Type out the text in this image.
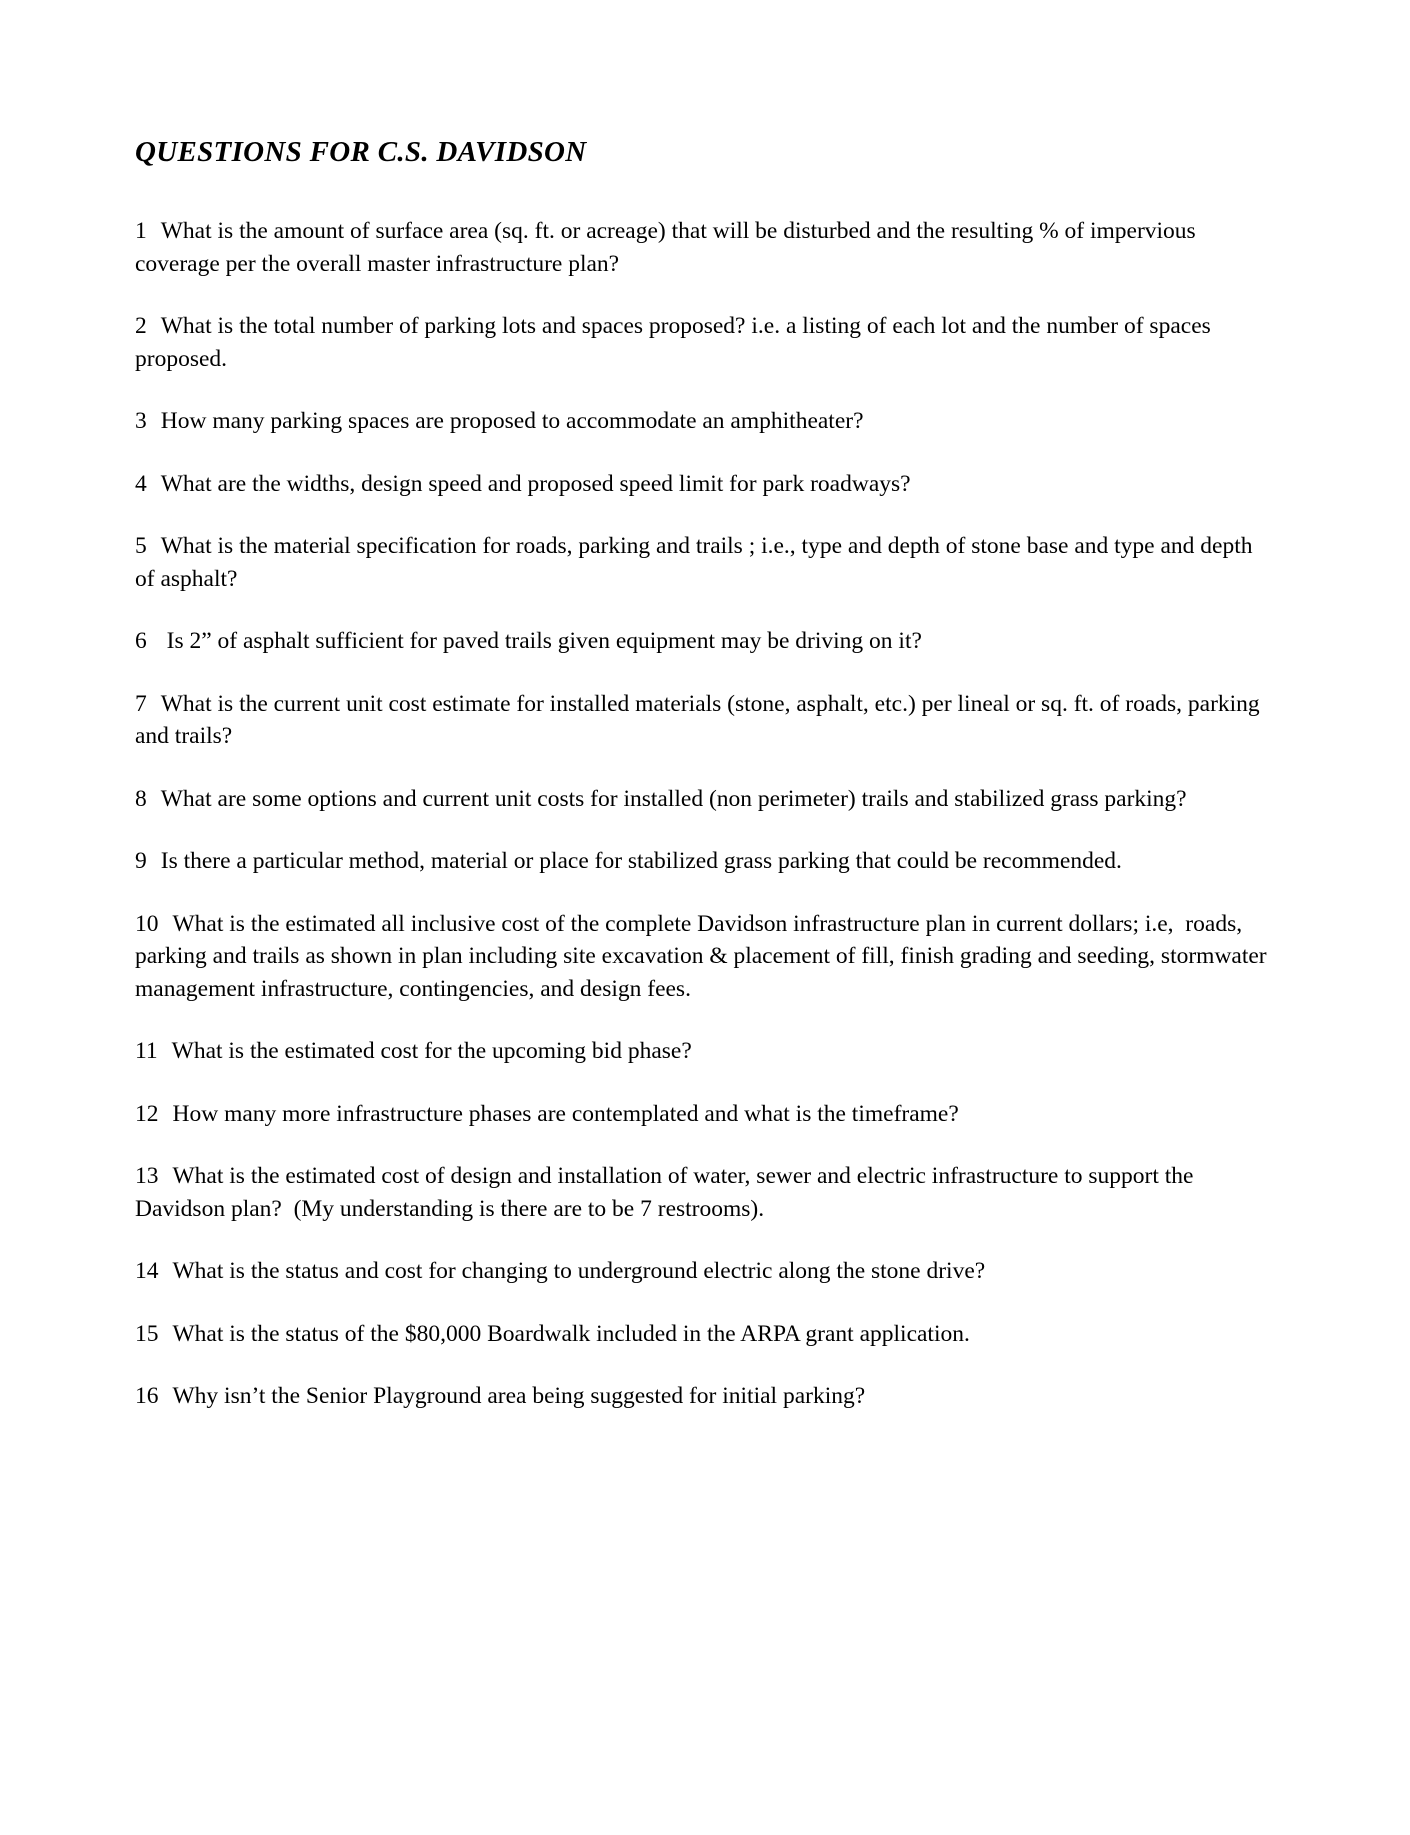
QUESTIONS FOR C.S. DAVIDSON

1 What is the amount of surface area (sq. ft. or acreage) that will be disturbed and the resulting % of impervious coverage per the overall master infrastructure plan?

2 What is the total number of parking lots and spaces proposed? i.e. a listing of each lot and the number of spaces proposed.

3 How many parking spaces are proposed to accommodate an amphitheater?

4 What are the widths, design speed and proposed speed limit for park roadways?

5 What is the material specification for roads, parking and trails ; i.e., type and depth of stone base and type and depth of asphalt?

6 Is 2” of asphalt sufficient for paved trails given equipment may be driving on it?

7 What is the current unit cost estimate for installed materials (stone, asphalt, etc.) per lineal or sq. ft. of roads, parking and trails?

8 What are some options and current unit costs for installed (non perimeter) trails and stabilized grass parking?

9 Is there a particular method, material or place for stabilized grass parking that could be recommended.

10 What is the estimated all inclusive cost of the complete Davidson infrastructure plan in current dollars; i.e,  roads, parking and trails as shown in plan including site excavation & placement of fill, finish grading and seeding, stormwater management infrastructure, contingencies, and design fees.

11 What is the estimated cost for the upcoming bid phase?

12 How many more infrastructure phases are contemplated and what is the timeframe?

13 What is the estimated cost of design and installation of water, sewer and electric infrastructure to support the Davidson plan?  (My understanding is there are to be 7 restrooms).

14 What is the status and cost for changing to underground electric along the stone drive?

15 What is the status of the $80,000 Boardwalk included in the ARPA grant application.

16 Why isn’t the Senior Playground area being suggested for initial parking?
